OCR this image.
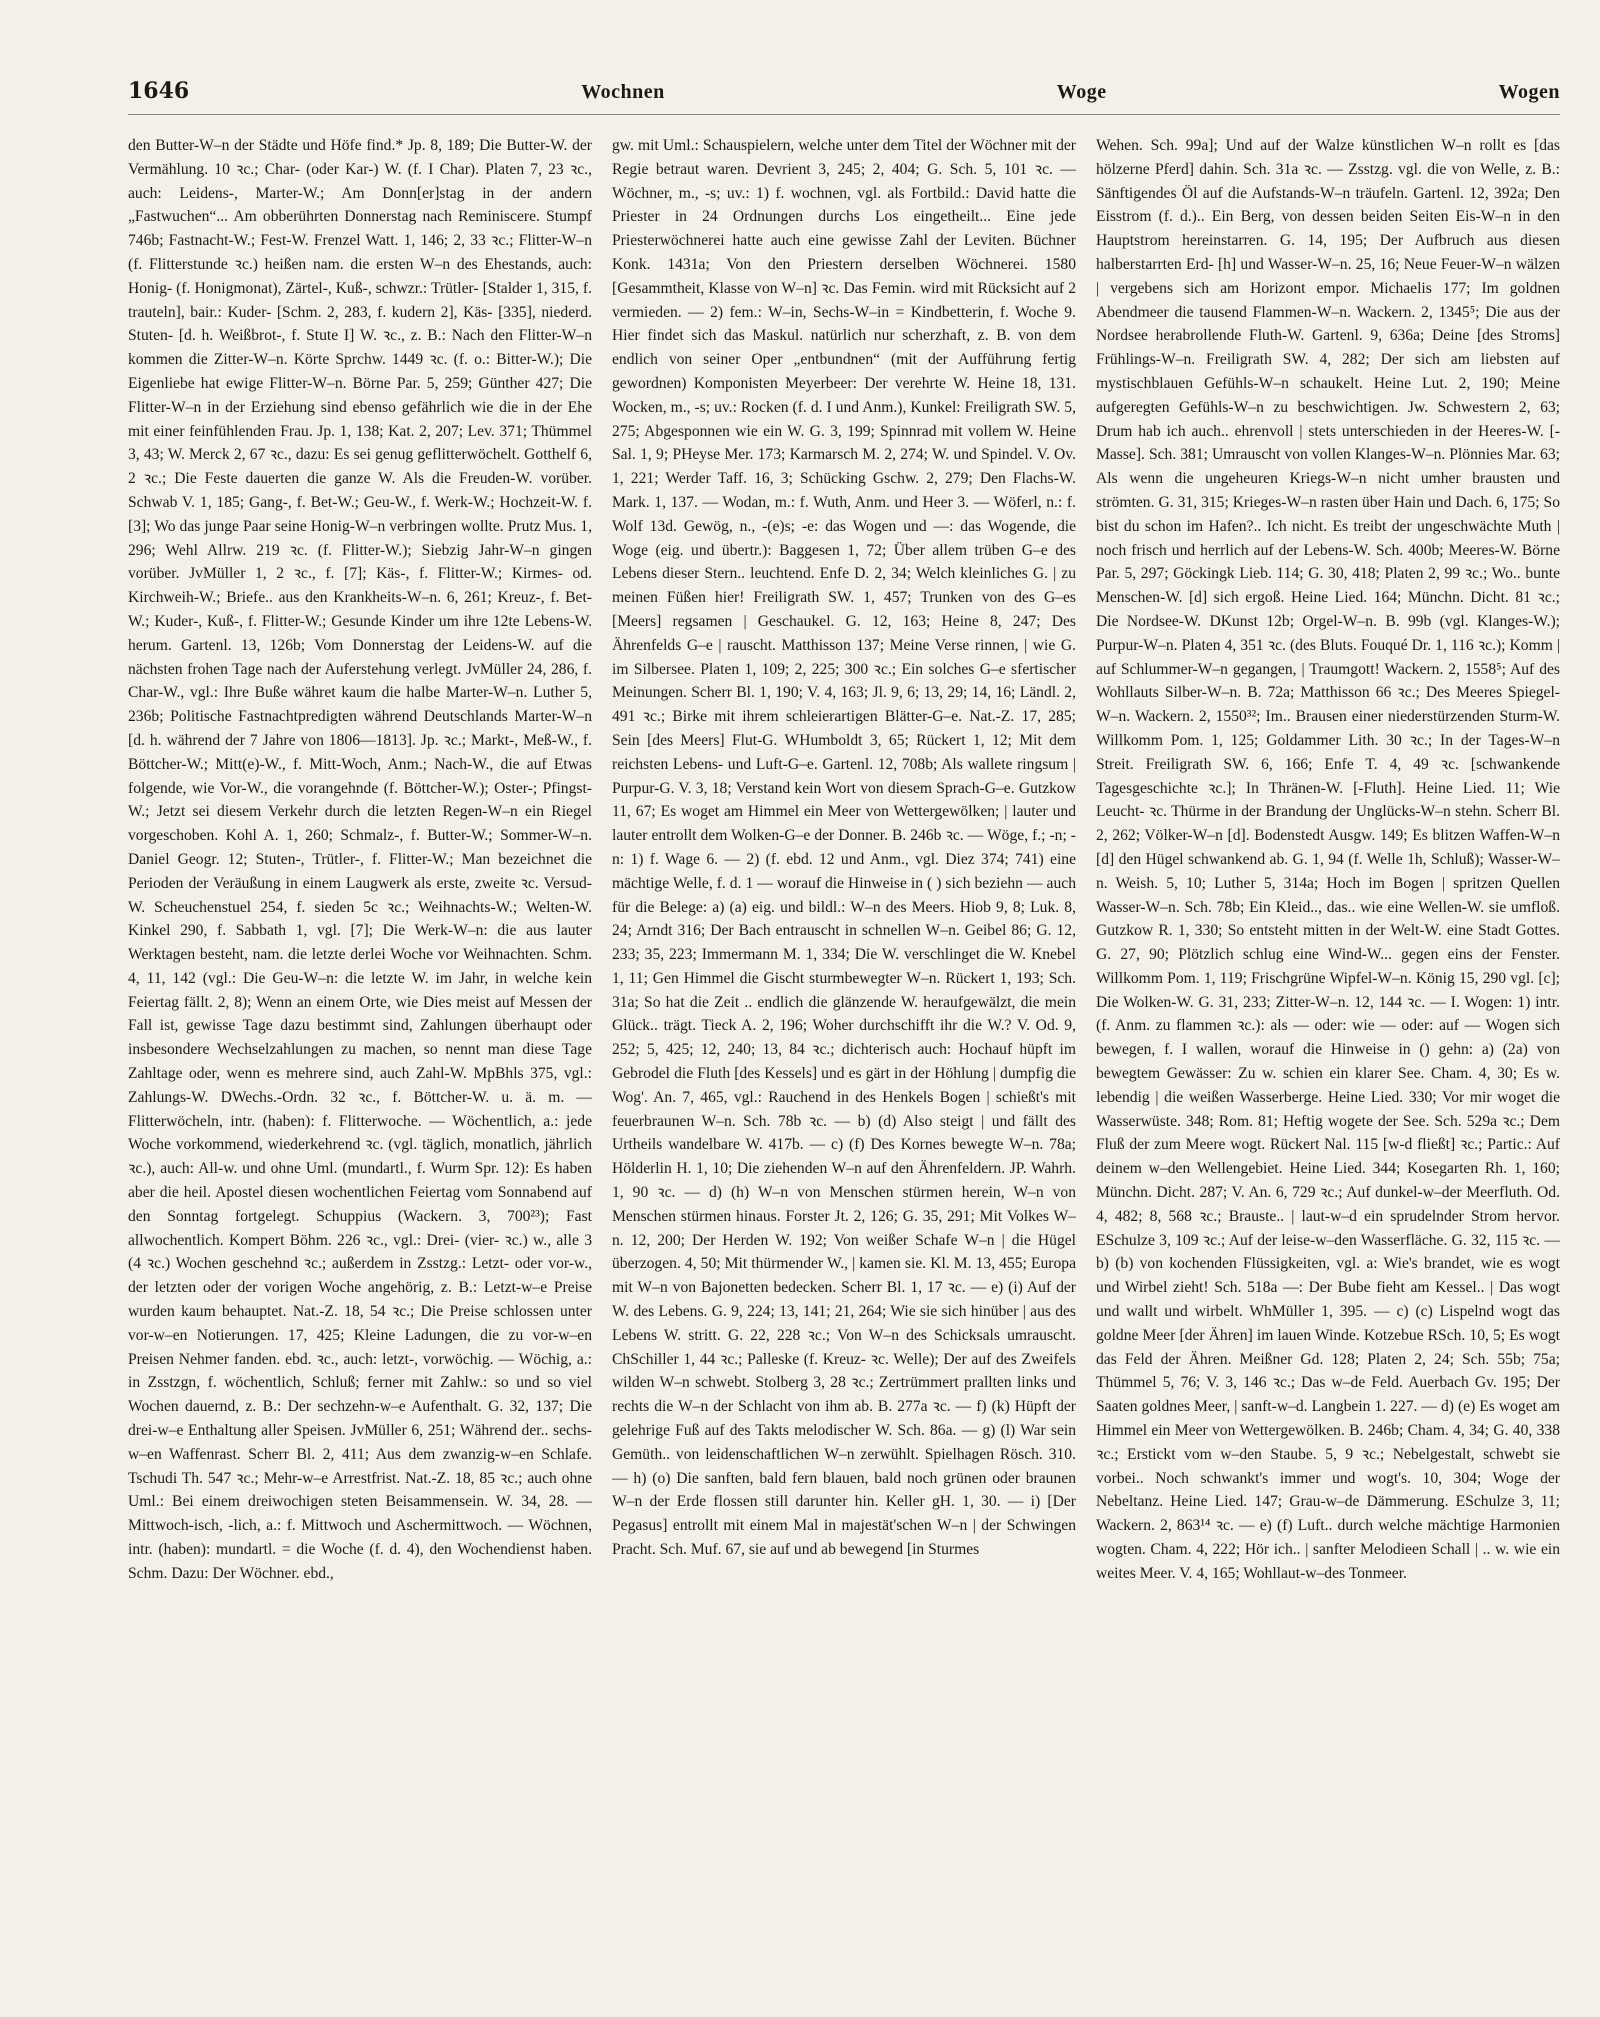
1646	Wochnen	Woge	Wogen

den Butter-W–n der Städte und Höfe find.* Jp. 8, 189; Die Butter-W. der Vermählung. 10 ꝛc.; Char- (oder Kar-) W. (f. I Char). Platen 7, 23 ꝛc., auch: Leidens-, Marter-W.; Am Donn[er]stag in der andern „Fastwuchen“... Am obberührten Donnerstag nach Reminiscere. Stumpf 746b; Fastnacht-W.; Fest-W. Frenzel Watt. 1, 146; 2, 33 ꝛc.; Flitter-W–n (f. Flitterstunde ꝛc.) heißen nam. die ersten W–n des Ehestands, auch: Honig- (f. Honigmonat), Zärtel-, Kuß-, schwzr.: Trütler- [Stalder 1, 315, f. trauteln], bair.: Kuder- [Schm. 2, 283, f. kudern 2], Käs- [335], niederd. Stuten- [d. h. Weißbrot-, f. Stute I] W. ꝛc., z. B.: Nach den Flitter-W–n kommen die Zitter-W–n. Körte Sprchw. 1449 ꝛc. (f. o.: Bitter-W.); Die Eigenliebe hat ewige Flitter-W–n. Börne Par. 5, 259; Günther 427; Die Flitter-W–n in der Erziehung sind ebenso gefährlich wie die in der Ehe mit einer feinfühlenden Frau. Jp. 1, 138; Kat. 2, 207; Lev. 371; Thümmel 3, 43; W. Merck 2, 67 ꝛc., dazu: Es sei genug geflitterwöchelt. Gotthelf 6, 2 ꝛc.; Die Feste dauerten die ganze W. Als die Freuden-W. vorüber. Schwab V. 1, 185; Gang-, f. Bet-W.; Geu-W., f. Werk-W.; Hochzeit-W. f. [3]; Wo das junge Paar seine Honig-W–n verbringen wollte. Prutz Mus. 1, 296; Wehl Allrw. 219 ꝛc. (f. Flitter-W.); Siebzig Jahr-W–n gingen vorüber. JvMüller 1, 2 ꝛc., f. [7]; Käs-, f. Flitter-W.; Kirmes- od. Kirchweih-W.; Briefe.. aus den Krankheits-W–n. 6, 261; Kreuz-, f. Bet-W.; Kuder-, Kuß-, f. Flitter-W.; Gesunde Kinder um ihre 12te Lebens-W. herum. Gartenl. 13, 126b; Vom Donnerstag der Leidens-W. auf die nächsten frohen Tage nach der Auferstehung verlegt. JvMüller 24, 286, f. Char-W., vgl.: Ihre Buße währet kaum die halbe Marter-W–n. Luther 5, 236b; Politische Fastnachtpredigten während Deutschlands Marter-W–n [d. h. während der 7 Jahre von 1806—1813]. Jp. ꝛc.; Markt-, Meß-W., f. Böttcher-W.; Mitt(e)-W., f. Mitt-Woch, Anm.; Nach-W., die auf Etwas folgende, wie Vor-W., die vorangehnde (f. Böttcher-W.); Oster-; Pfingst-W.; Jetzt sei diesem Verkehr durch die letzten Regen-W–n ein Riegel vorgeschoben. Kohl A. 1, 260; Schmalz-, f. Butter-W.; Sommer-W–n. Daniel Geogr. 12; Stuten-, Trütler-, f. Flitter-W.; Man bezeichnet die Perioden der Veräußung in einem Laugwerk als erste, zweite ꝛc. Versud-W. Scheuchenstuel 254, f. sieden 5c ꝛc.; Weihnachts-W.; Welten-W. Kinkel 290, f. Sabbath 1, vgl. [7]; Die Werk-W–n: die aus lauter Werktagen besteht, nam. die letzte derlei Woche vor Weihnachten. Schm. 4, 11, 142 (vgl.: Die Geu-W–n: die letzte W. im Jahr, in welche kein Feiertag fällt. 2, 8); Wenn an einem Orte, wie Dies meist auf Messen der Fall ist, gewisse Tage dazu bestimmt sind, Zahlungen überhaupt oder insbesondere Wechselzahlungen zu machen, so nennt man diese Tage Zahltage oder, wenn es mehrere sind, auch Zahl-W. MpBhls 375, vgl.: Zahlungs-W. DWechs.-Ordn. 32 ꝛc., f. Böttcher-W. u. ä. m. — Flitterwöcheln, intr. (haben): f. Flitterwoche. — Wöchentlich, a.: jede Woche vorkommend, wiederkehrend ꝛc. (vgl. täglich, monatlich, jährlich ꝛc.), auch: All-w. und ohne Uml. (mundartl., f. Wurm Spr. 12): Es haben aber die heil. Apostel diesen wochentlichen Feiertag vom Sonnabend auf den Sonntag fortgelegt. Schuppius (Wackern. 3, 700²³); Fast allwochentlich. Kompert Böhm. 226 ꝛc., vgl.: Drei- (vier- ꝛc.) w., alle 3 (4 ꝛc.) Wochen geschehnd ꝛc.; außerdem in Zsstzg.: Letzt- oder vor-w., der letzten oder der vorigen Woche angehörig, z. B.: Letzt-w–e Preise wurden kaum behauptet. Nat.-Z. 18, 54 ꝛc.; Die Preise schlossen unter vor-w–en Notierungen. 17, 425; Kleine Ladungen, die zu vor-w–en Preisen Nehmer fanden. ebd. ꝛc., auch: letzt-, vorwöchig. — Wöchig, a.: in Zsstzgn, f. wöchentlich, Schluß; ferner mit Zahlw.: so und so viel Wochen dauernd, z. B.: Der sechzehn-w–e Aufenthalt. G. 32, 137; Die drei-w–e Enthaltung aller Speisen. JvMüller 6, 251; Während der.. sechs-w–en Waffenrast. Scherr Bl. 2, 411; Aus dem zwanzig-w–en Schlafe. Tschudi Th. 547 ꝛc.; Mehr-w–e Arrestfrist. Nat.-Z. 18, 85 ꝛc.; auch ohne Uml.: Bei einem dreiwochigen steten Beisammensein. W. 34, 28. — Mittwoch-isch, -lich, a.: f. Mittwoch und Aschermittwoch. — Wöchnen, intr. (haben): mundartl. = die Woche (f. d. 4), den Wochendienst haben. Schm. Dazu: Der Wöchner. ebd.,

gw. mit Uml.: Schauspielern, welche unter dem Titel der Wöchner mit der Regie betraut waren. Devrient 3, 245; 2, 404; G. Sch. 5, 101 ꝛc. — Wöchner, m., -s; uv.: 1) f. wochnen, vgl. als Fortbild.: David hatte die Priester in 24 Ordnungen durchs Los eingetheilt... Eine jede Priesterwöchnerei hatte auch eine gewisse Zahl der Leviten. Büchner Konk. 1431a; Von den Priestern derselben Wöchnerei. 1580 [Gesammtheit, Klasse von W–n] ꝛc. Das Femin. wird mit Rücksicht auf 2 vermieden. — 2) fem.: W–in, Sechs-W–in = Kindbetterin, f. Woche 9. Hier findet sich das Maskul. natürlich nur scherzhaft, z. B. von dem endlich von seiner Oper „entbundnen“ (mit der Aufführung fertig gewordnen) Komponisten Meyerbeer: Der verehrte W. Heine 18, 131. Wocken, m., -s; uv.: Rocken (f. d. I und Anm.), Kunkel: Freiligrath SW. 5, 275; Abgesponnen wie ein W. G. 3, 199; Spinnrad mit vollem W. Heine Sal. 1, 9; PHeyse Mer. 173; Karmarsch M. 2, 274; W. und Spindel. V. Ov. 1, 221; Werder Taff. 16, 3; Schücking Gschw. 2, 279; Den Flachs-W. Mark. 1, 137. — Wodan, m.: f. Wuth, Anm. und Heer 3. — Wöferl, n.: f. Wolf 13d. Gewög, n., -(e)s; -e: das Wogen und —: das Wogende, die Woge (eig. und übertr.): Baggesen 1, 72; Über allem trüben G–e des Lebens dieser Stern.. leuchtend. Enfe D. 2, 34; Welch kleinliches G. | zu meinen Füßen hier! Freiligrath SW. 1, 457; Trunken von des G–es [Meers] regsamen | Geschaukel. G. 12, 163; Heine 8, 247; Des Ährenfelds G–e | rauscht. Matthisson 137; Meine Verse rinnen, | wie G. im Silbersee. Platen 1, 109; 2, 225; 300 ꝛc.; Ein solches G–e sfertischer Meinungen. Scherr Bl. 1, 190; V. 4, 163; Jl. 9, 6; 13, 29; 14, 16; Ländl. 2, 491 ꝛc.; Birke mit ihrem schleierartigen Blätter-G–e. Nat.-Z. 17, 285; Sein [des Meers] Flut-G. WHumboldt 3, 65; Rückert 1, 12; Mit dem reichsten Lebens- und Luft-G–e. Gartenl. 12, 708b; Als wallete ringsum | Purpur-G. V. 3, 18; Verstand kein Wort von diesem Sprach-G–e. Gutzkow 11, 67; Es woget am Himmel ein Meer von Wettergewölken; | lauter und lauter entrollt dem Wolken-G–e der Donner. B. 246b ꝛc. — Wöge, f.; -n; -n: 1) f. Wage 6. — 2) (f. ebd. 12 und Anm., vgl. Diez 374; 741) eine mächtige Welle, f. d. 1 — worauf die Hinweise in ( ) sich beziehn — auch für die Belege: a) (a) eig. und bildl.: W–n des Meers. Hiob 9, 8; Luk. 8, 24; Arndt 316; Der Bach entrauscht in schnellen W–n. Geibel 86; G. 12, 233; 35, 223; Immermann M. 1, 334; Die W. verschlinget die W. Knebel 1, 11; Gen Himmel die Gischt sturmbewegter W–n. Rückert 1, 193; Sch. 31a; So hat die Zeit .. endlich die glänzende W. heraufgewälzt, die mein Glück.. trägt. Tieck A. 2, 196; Woher durchschifft ihr die W.? V. Od. 9, 252; 5, 425; 12, 240; 13, 84 ꝛc.; dichterisch auch: Hochauf hüpft im Gebrodel die Fluth [des Kessels] und es gärt in der Höhlung | dumpfig die Wog'. An. 7, 465, vgl.: Rauchend in des Henkels Bogen | schießt's mit feuerbraunen W–n. Sch. 78b ꝛc. — b) (d) Also steigt | und fällt des Urtheils wandelbare W. 417b. — c) (f) Des Kornes bewegte W–n. 78a; Hölderlin H. 1, 10; Die ziehenden W–n auf den Ährenfeldern. JP. Wahrh. 1, 90 ꝛc. — d) (h) W–n von Menschen stürmen herein, W–n von Menschen stürmen hinaus. Forster Jt. 2, 126; G. 35, 291; Mit Volkes W–n. 12, 200; Der Herden W. 192; Von weißer Schafe W–n | die Hügel überzogen. 4, 50; Mit thürmender W., | kamen sie. Kl. M. 13, 455; Europa mit W–n von Bajonetten bedecken. Scherr Bl. 1, 17 ꝛc. — e) (i) Auf der W. des Lebens. G. 9, 224; 13, 141; 21, 264; Wie sie sich hinüber | aus des Lebens W. stritt. G. 22, 228 ꝛc.; Von W–n des Schicksals umrauscht. ChSchiller 1, 44 ꝛc.; Palleske (f. Kreuz- ꝛc. Welle); Der auf des Zweifels wilden W–n schwebt. Stolberg 3, 28 ꝛc.; Zertrümmert prallten links und rechts die W–n der Schlacht von ihm ab. B. 277a ꝛc. — f) (k) Hüpft der gelehrige Fuß auf des Takts melodischer W. Sch. 86a. — g) (l) War sein Gemüth.. von leidenschaftlichen W–n zerwühlt. Spielhagen Rösch. 310. — h) (o) Die sanften, bald fern blauen, bald noch grünen oder braunen W–n der Erde flossen still darunter hin. Keller gH. 1, 30. — i) [Der Pegasus] entrollt mit einem Mal in majestät'schen W–n | der Schwingen Pracht. Sch. Muf. 67, sie auf und ab bewegend [in Sturmes

Wehen. Sch. 99a]; Und auf der Walze künstlichen W–n rollt es [das hölzerne Pferd] dahin. Sch. 31a ꝛc. — Zsstzg. vgl. die von Welle, z. B.: Sänftigendes Öl auf die Aufstands-W–n träufeln. Gartenl. 12, 392a; Den Eisstrom (f. d.).. Ein Berg, von dessen beiden Seiten Eis-W–n in den Hauptstrom hereinstarren. G. 14, 195; Der Aufbruch aus diesen halberstarrten Erd- [h] und Wasser-W–n. 25, 16; Neue Feuer-W–n wälzen | vergebens sich am Horizont empor. Michaelis 177; Im goldnen Abendmeer die tausend Flammen-W–n. Wackern. 2, 1345⁵; Die aus der Nordsee herabrollende Fluth-W. Gartenl. 9, 636a; Deine [des Stroms] Frühlings-W–n. Freiligrath SW. 4, 282; Der sich am liebsten auf mystischblauen Gefühls-W–n schaukelt. Heine Lut. 2, 190; Meine aufgeregten Gefühls-W–n zu beschwichtigen. Jw. Schwestern 2, 63; Drum hab ich auch.. ehrenvoll | stets unterschieden in der Heeres-W. [-Masse]. Sch. 381; Umrauscht von vollen Klanges-W–n. Plönnies Mar. 63; Als wenn die ungeheuren Kriegs-W–n nicht umher brausten und strömten. G. 31, 315; Krieges-W–n rasten über Hain und Dach. 6, 175; So bist du schon im Hafen?.. Ich nicht. Es treibt der ungeschwächte Muth | noch frisch und herrlich auf der Lebens-W. Sch. 400b; Meeres-W. Börne Par. 5, 297; Göckingk Lieb. 114; G. 30, 418; Platen 2, 99 ꝛc.; Wo.. bunte Menschen-W. [d] sich ergoß. Heine Lied. 164; Münchn. Dicht. 81 ꝛc.; Die Nordsee-W. DKunst 12b; Orgel-W–n. B. 99b (vgl. Klanges-W.); Purpur-W–n. Platen 4, 351 ꝛc. (des Bluts. Fouqué Dr. 1, 116 ꝛc.); Komm | auf Schlummer-W–n gegangen, | Traumgott! Wackern. 2, 1558⁵; Auf des Wohllauts Silber-W–n. B. 72a; Matthisson 66 ꝛc.; Des Meeres Spiegel-W–n. Wackern. 2, 1550³²; Im.. Brausen einer niederstürzenden Sturm-W. Willkomm Pom. 1, 125; Goldammer Lith. 30 ꝛc.; In der Tages-W–n Streit. Freiligrath SW. 6, 166; Enfe T. 4, 49 ꝛc. [schwankende Tagesgeschichte ꝛc.]; In Thränen-W. [-Fluth]. Heine Lied. 11; Wie Leucht- ꝛc. Thürme in der Brandung der Unglücks-W–n stehn. Scherr Bl. 2, 262; Völker-W–n [d]. Bodenstedt Ausgw. 149; Es blitzen Waffen-W–n [d] den Hügel schwankend ab. G. 1, 94 (f. Welle 1h, Schluß); Wasser-W–n. Weish. 5, 10; Luther 5, 314a; Hoch im Bogen | spritzen Quellen Wasser-W–n. Sch. 78b; Ein Kleid.., das.. wie eine Wellen-W. sie umfloß. Gutzkow R. 1, 330; So entsteht mitten in der Welt-W. eine Stadt Gottes. G. 27, 90; Plötzlich schlug eine Wind-W... gegen eins der Fenster. Willkomm Pom. 1, 119; Frischgrüne Wipfel-W–n. König 15, 290 vgl. [c]; Die Wolken-W. G. 31, 233; Zitter-W–n. 12, 144 ꝛc. — I. Wogen: 1) intr. (f. Anm. zu flammen ꝛc.): als — oder: wie — oder: auf — Wogen sich bewegen, f. I wallen, worauf die Hinweise in () gehn: a) (2a) von bewegtem Gewässer: Zu w. schien ein klarer See. Cham. 4, 30; Es w. lebendig | die weißen Wasserberge. Heine Lied. 330; Vor mir woget die Wasserwüste. 348; Rom. 81; Heftig wogete der See. Sch. 529a ꝛc.; Dem Fluß der zum Meere wogt. Rückert Nal. 115 [w-d fließt] ꝛc.; Partic.: Auf deinem w–den Wellengebiet. Heine Lied. 344; Kosegarten Rh. 1, 160; Münchn. Dicht. 287; V. An. 6, 729 ꝛc.; Auf dunkel-w–der Meerfluth. Od. 4, 482; 8, 568 ꝛc.; Brauste.. | laut-w–d ein sprudelnder Strom hervor. ESchulze 3, 109 ꝛc.; Auf der leise-w–den Wasserfläche. G. 32, 115 ꝛc. — b) (b) von kochenden Flüssigkeiten, vgl. a: Wie's brandet, wie es wogt und Wirbel zieht! Sch. 518a —: Der Bube fieht am Kessel.. | Das wogt und wallt und wirbelt. WhMüller 1, 395. — c) (c) Lispelnd wogt das goldne Meer [der Ähren] im lauen Winde. Kotzebue RSch. 10, 5; Es wogt das Feld der Ähren. Meißner Gd. 128; Platen 2, 24; Sch. 55b; 75a; Thümmel 5, 76; V. 3, 146 ꝛc.; Das w–de Feld. Auerbach Gv. 195; Der Saaten goldnes Meer, | sanft-w–d. Langbein 1. 227. — d) (e) Es woget am Himmel ein Meer von Wettergewölken. B. 246b; Cham. 4, 34; G. 40, 338 ꝛc.; Erstickt vom w–den Staube. 5, 9 ꝛc.; Nebelgestalt, schwebt sie vorbei.. Noch schwankt's immer und wogt's. 10, 304; Woge der Nebeltanz. Heine Lied. 147; Grau-w–de Dämmerung. ESchulze 3, 11; Wackern. 2, 863¹⁴ ꝛc. — e) (f) Luft.. durch welche mächtige Harmonien wogten. Cham. 4, 222; Hör ich.. | sanfter Melodieen Schall | .. w. wie ein weites Meer. V. 4, 165; Wohllaut-w–des Tonmeer.
